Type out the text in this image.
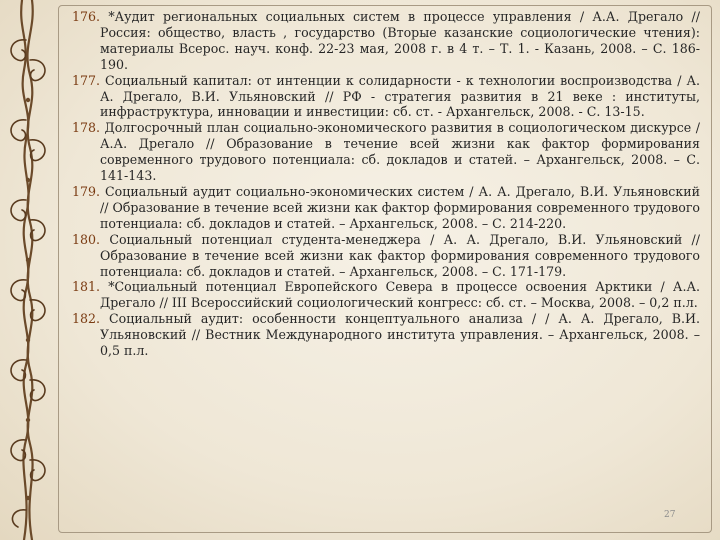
176. *Аудит региональных социальных систем в процессе управления / А.А. Дрегало // Россия: общество, власть , государство (Вторые казанские социологические чтения): материалы Всерос. науч. конф. 22-23 мая, 2008 г. в 4 т. – Т. 1. - Казань, 2008. – С. 186-190.

177. Социальный капитал: от интенции к солидарности - к технологии воспроизводства / А. А. Дрегало, В.И. Ульяновский // РФ - стратегия развития в 21 веке : институты, инфраструктура, инновации и инвестиции: сб. ст. - Архангельск, 2008. - С. 13-15.

178. Долгосрочный план социально-экономического развития в социологическом дискурсе / А.А. Дрегало // Образование в течение всей жизни как фактор формирования современного трудового потенциала: сб. докладов и статей. – Архангельск, 2008. – С. 141-143.

179. Социальный аудит социально-экономических систем / А. А. Дрегало, В.И. Ульяновский // Образование в течение всей жизни как фактор формирования современного трудового потенциала: сб. докладов и статей. – Архангельск, 2008. – С. 214-220.

180. Социальный потенциал студента-менеджера / А. А. Дрегало, В.И. Ульяновский // Образование в течение всей жизни как фактор формирования современного трудового потенциала: сб. докладов и статей. – Архангельск, 2008. – С. 171-179.

181. *Социальный потенциал Европейского Севера в процессе освоения Арктики / А.А. Дрегало // III Всероссийский социологический конгресс: сб. ст. – Москва, 2008. – 0,2 п.л.

182. Социальный аудит: особенности концептуального анализа / / А. А. Дрегало, В.И. Ульяновский // Вестник Международного института управления. – Архангельск, 2008. – 0,5 п.л.

27
